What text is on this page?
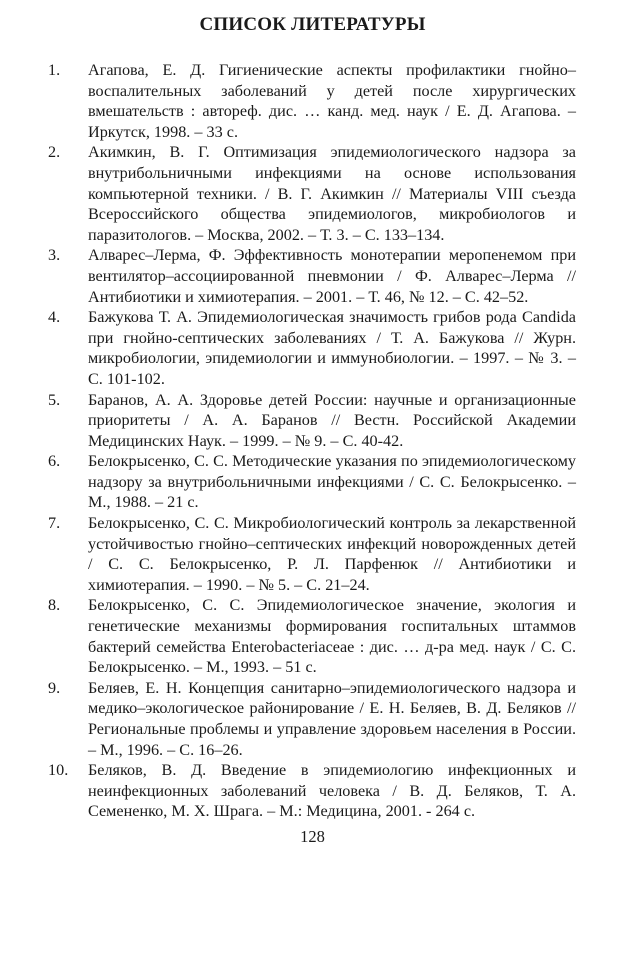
СПИСОК ЛИТЕРАТУРЫ
1.	Агапова, Е. Д. Гигиенические аспекты профилактики гнойно–воспалительных заболеваний у детей после хирургических вмешательств : автореф. дис. … канд. мед. наук / Е. Д. Агапова. – Иркутск, 1998. – 33 с.
2.	Акимкин, В. Г. Оптимизация эпидемиологического надзора за внутрибольничными инфекциями на основе использования компьютерной техники. / В. Г. Акимкин // Материалы VIII съезда Всероссийского общества эпидемиологов, микробиологов и паразитологов. – Москва, 2002. – Т. 3. – С. 133–134.
3.	Алварес–Лерма, Ф. Эффективность монотерапии меропенемом при вентилятор–ассоциированной пневмонии / Ф. Алварес–Лерма // Антибиотики и химиотерапия. – 2001. – Т. 46, № 12. – С. 42–52.
4.	Бажукова Т. А. Эпидемиологическая значимость грибов рода Candida при гнойно-септических заболеваниях / Т. А. Бажукова // Журн. микробиологии, эпидемиологии и иммунобиологии. – 1997. – № 3. – С. 101-102.
5.	Баранов, А. А. Здоровье детей России: научные и организационные приоритеты / А. А. Баранов // Вестн. Российской Академии Медицинских Наук. – 1999. – № 9. – С. 40-42.
6.	Белокрысенко, С. С. Методические указания по эпидемиологическому надзору за внутрибольничными инфекциями / С. С. Белокрысенко. – М., 1988. – 21 с.
7.	Белокрысенко, С. С. Микробиологический контроль за лекарственной устойчивостью гнойно–септических инфекций новорожденных детей / С. С. Белокрысенко, Р. Л. Парфенюк // Антибиотики и химиотерапия. – 1990. – № 5. – С. 21–24.
8.	Белокрысенко, С. С. Эпидемиологическое значение, экология и генетические механизмы формирования госпитальных штаммов бактерий семейства Enterobacteriaceae : дис. … д-ра мед. наук / С. С. Белокрысенко. – М., 1993. – 51 с.
9.	Беляев, Е. Н. Концепция санитарно–эпидемиологического надзора и медико–экологическое районирование / Е. Н. Беляев, В. Д. Беляков // Региональные проблемы и управление здоровьем населения в России. – М., 1996. – С. 16–26.
10.	Беляков, В. Д. Введение в эпидемиологию инфекционных и неинфекционных заболеваний человека / В. Д. Беляков, Т. А. Семененко, М. Х. Шрага. – М.: Медицина, 2001. - 264 с.
128
